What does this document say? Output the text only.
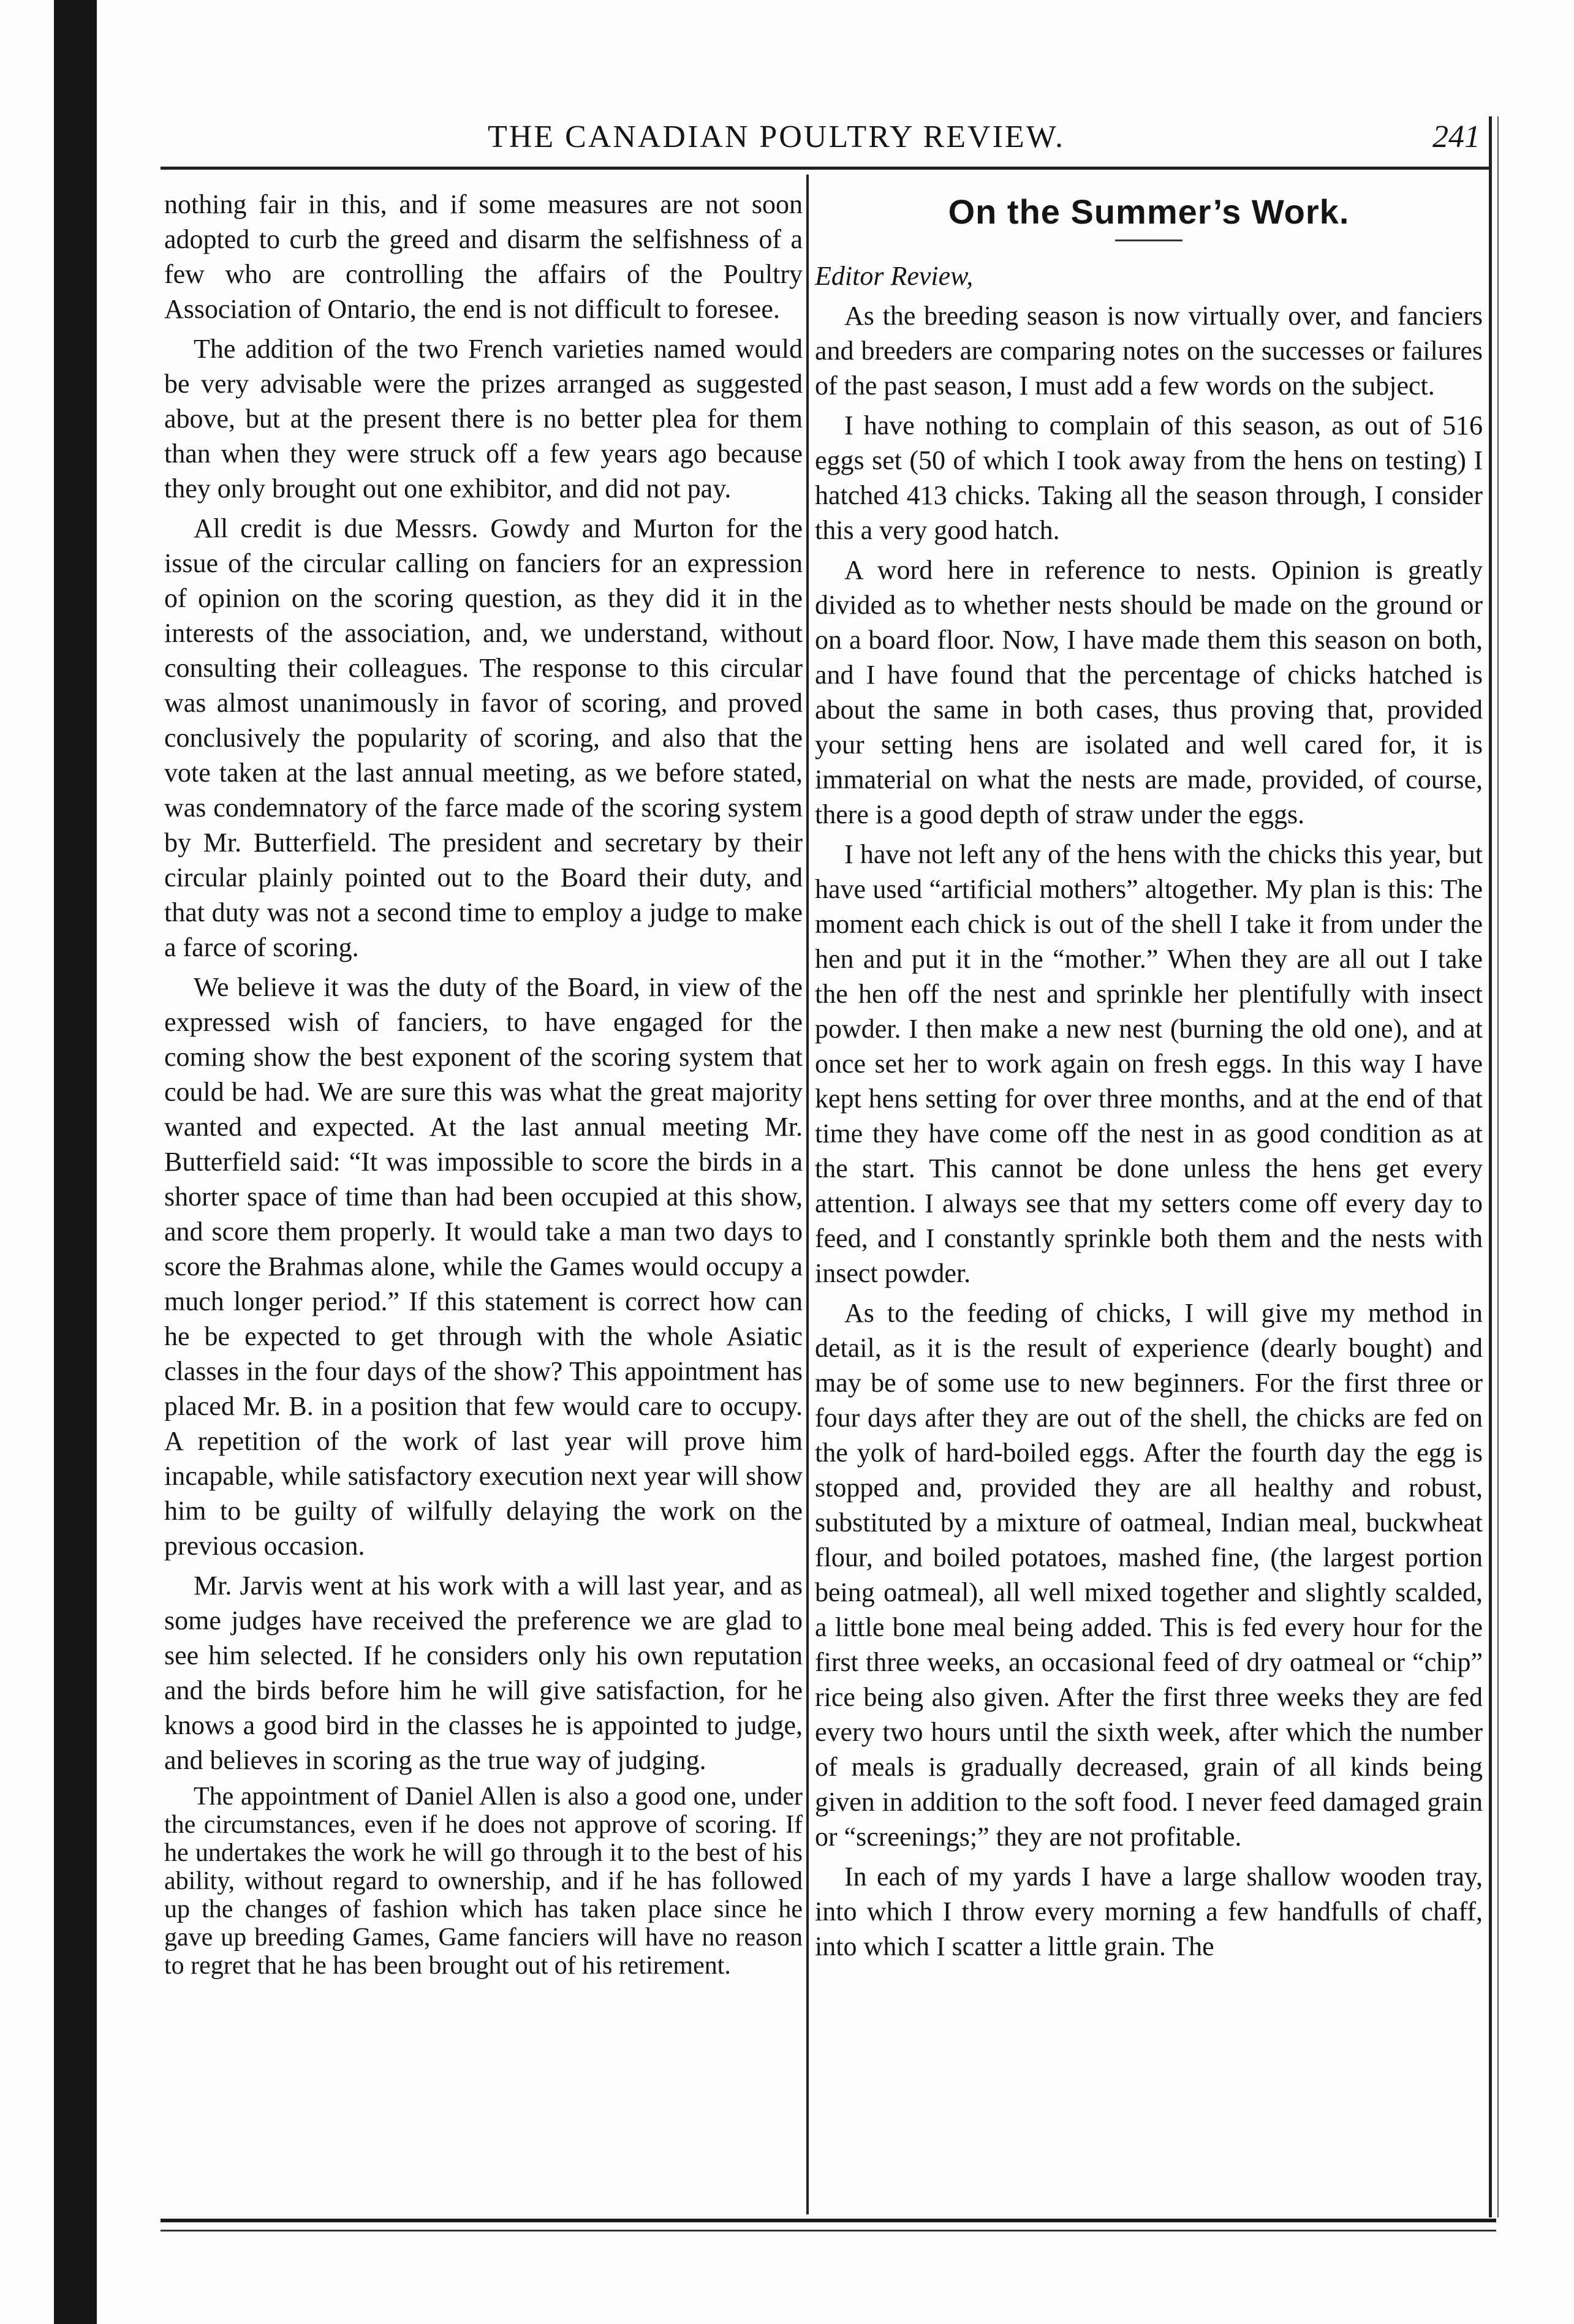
THE CANADIAN POULTRY REVIEW.	241

nothing fair in this, and if some measures are not soon adopted to curb the greed and disarm the selfishness of a few who are controlling the affairs of the Poultry Association of Ontario, the end is not difficult to foresee.

The addition of the two French varieties named would be very advisable were the prizes arranged as suggested above, but at the present there is no better plea for them than when they were struck off a few years ago because they only brought out one exhibitor, and did not pay.

All credit is due Messrs. Gowdy and Murton for the issue of the circular calling on fanciers for an expression of opinion on the scoring question, as they did it in the interests of the association, and, we understand, without consulting their colleagues. The response to this circular was almost unanimously in favor of scoring, and proved conclusively the popularity of scoring, and also that the vote taken at the last annual meeting, as we before stated, was condemnatory of the farce made of the scoring system by Mr. Butterfield. The president and secretary by their circular plainly pointed out to the Board their duty, and that duty was not a second time to employ a judge to make a farce of scoring.

We believe it was the duty of the Board, in view of the expressed wish of fanciers, to have engaged for the coming show the best exponent of the scoring system that could be had. We are sure this was what the great majority wanted and expected. At the last annual meeting Mr. Butterfield said: “It was impossible to score the birds in a shorter space of time than had been occupied at this show, and score them properly. It would take a man two days to score the Brahmas alone, while the Games would occupy a much longer period.” If this statement is correct how can he be expected to get through with the whole Asiatic classes in the four days of the show? This appointment has placed Mr. B. in a position that few would care to occupy. A repetition of the work of last year will prove him incapable, while satisfactory execution next year will show him to be guilty of wilfully delaying the work on the previous occasion.

Mr. Jarvis went at his work with a will last year, and as some judges have received the preference we are glad to see him selected. If he considers only his own reputation and the birds before him he will give satisfaction, for he knows a good bird in the classes he is appointed to judge, and believes in scoring as the true way of judging.

The appointment of Daniel Allen is also a good one, under the circumstances, even if he does not approve of scoring. If he undertakes the work he will go through it to the best of his ability, without regard to ownership, and if he has followed up the changes of fashion which has taken place since he gave up breeding Games, Game fanciers will have no reason to regret that he has been brought out of his retirement.

On the Summer’s Work.

Editor Review,

As the breeding season is now virtually over, and fanciers and breeders are comparing notes on the successes or failures of the past season, I must add a few words on the subject.

I have nothing to complain of this season, as out of 516 eggs set (50 of which I took away from the hens on testing) I hatched 413 chicks. Taking all the season through, I consider this a very good hatch.

A word here in reference to nests. Opinion is greatly divided as to whether nests should be made on the ground or on a board floor. Now, I have made them this season on both, and I have found that the percentage of chicks hatched is about the same in both cases, thus proving that, provided your setting hens are isolated and well cared for, it is immaterial on what the nests are made, provided, of course, there is a good depth of straw under the eggs.

I have not left any of the hens with the chicks this year, but have used “artificial mothers” altogether. My plan is this: The moment each chick is out of the shell I take it from under the hen and put it in the “mother.” When they are all out I take the hen off the nest and sprinkle her plentifully with insect powder. I then make a new nest (burning the old one), and at once set her to work again on fresh eggs. In this way I have kept hens setting for over three months, and at the end of that time they have come off the nest in as good condition as at the start. This cannot be done unless the hens get every attention. I always see that my setters come off every day to feed, and I constantly sprinkle both them and the nests with insect powder.

As to the feeding of chicks, I will give my method in detail, as it is the result of experience (dearly bought) and may be of some use to new beginners. For the first three or four days after they are out of the shell, the chicks are fed on the yolk of hard-boiled eggs. After the fourth day the egg is stopped and, provided they are all healthy and robust, substituted by a mixture of oatmeal, Indian meal, buckwheat flour, and boiled potatoes, mashed fine, (the largest portion being oatmeal), all well mixed together and slightly scalded, a little bone meal being added. This is fed every hour for the first three weeks, an occasional feed of dry oatmeal or “chip” rice being also given. After the first three weeks they are fed every two hours until the sixth week, after which the number of meals is gradually decreased, grain of all kinds being given in addition to the soft food. I never feed damaged grain or “screenings;” they are not profitable.

In each of my yards I have a large shallow wooden tray, into which I throw every morning a few handfulls of chaff, into which I scatter a little grain. The
